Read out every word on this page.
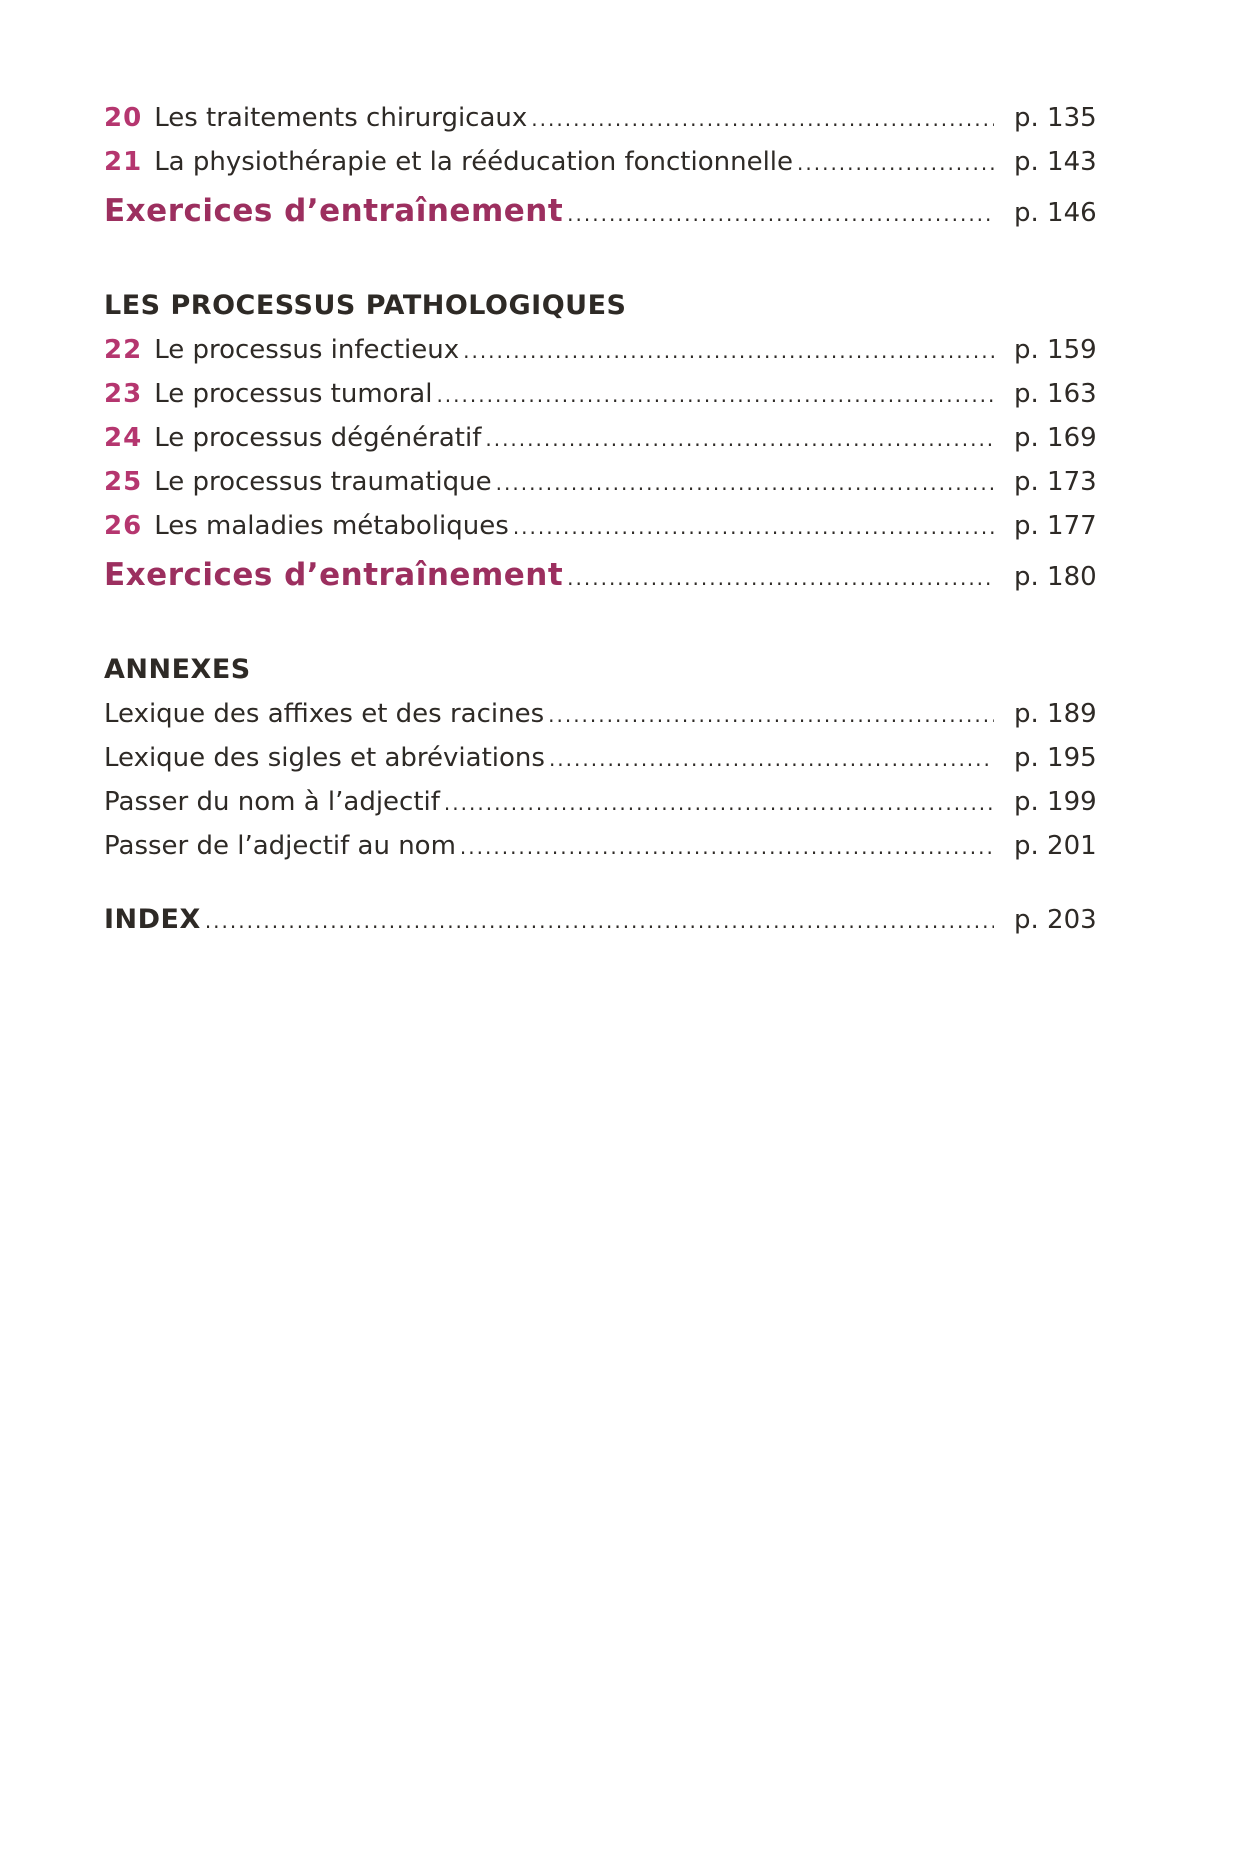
20 Les traitements chirurgicaux .....	p. 135
21 La physiothérapie et la rééducation fonctionnelle .....	p. 143
Exercices d’entraînement .....	p. 146
LES PROCESSUS PATHOLOGIQUES
22 Le processus infectieux .....	p. 159
23 Le processus tumoral .....	p. 163
24 Le processus dégénératif .....	p. 169
25 Le processus traumatique .....	p. 173
26 Les maladies métaboliques .....	p. 177
Exercices d’entraînement .....	p. 180
ANNEXES
Lexique des affixes et des racines .....	p. 189
Lexique des sigles et abréviations .....	p. 195
Passer du nom à l’adjectif .....	p. 199
Passer de l’adjectif au nom .....	p. 201
INDEX .....	p. 203
